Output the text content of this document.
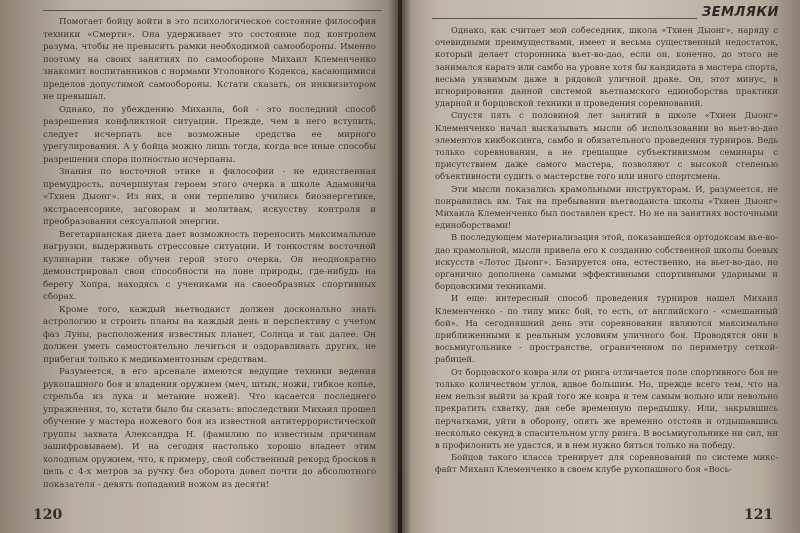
Помогает бойцу войти в это психологическое состояние философия техники «Смерти». Она удерживает это состояние под контролем разума, чтобы не превысить рамки необходимой самообороны. Именно поэтому на своих занятиях по самообороне Михаил Клеменченко знакомит воспитанников с нормами Уголовного Кодекса, касающимися пределов допустимой самообороны. Кстати сказать, он инквизитором не превышал.

Однако, по убеждению Михаила, бой - это последний способ разрешения конфликтной ситуации. Прежде, чем в него вступить, следует исчерпать все возможные средства ее мирного урегулирования. А у бойца можно лишь тогда, когда все иные способы разрешения спора полностью исчерпаны.

Знания по восточной этике и философии - не единственная премудрость, почерпнутая героем этого очерка в школе Адамовича «Тхиен Дыонг». Из них, и они терпеливо учились биоэнергетике, экстрасенсорике, заговорам и молитвам, искусству контроля и преобразования сексуальной энергии.

Вегетарианская диета дает возможность переносить максимальные нагрузки, выдерживать стрессовые ситуации. И тонкостям восточной кулинарии также обучен герой этого очерка. Он неоднократно демонстрировал свои способности на лоне природы, где-нибудь на берегу Хопра, находясь с учениками на своеобразных спортивных сборах.

Кроме того, каждый вьетводаист должен досконально знать астрологию и строить планы на каждый день и перспективу с учетом фаз Луны, расположения известных планет, Солнца и так далее. Он должен уметь самостоятельно лечиться и оздоравливать других, не прибегая только к медикаментозным средствам.

Разумеется, в его арсенале имеются ведущие техники ведения рукопашного боя и владения оружием (меч, штык, ножи, гибкое копье, стрельба из лука и метание ножей). Что касается последнего упражнения, то, кстати было бы сказать: впоследствии Михаил прошел обучение у мастера ножевого боя из известной антитеррористической группы захвата Александра Н. (фамилию по известным причинам зашифровываем). И на сегодня настолько хорошо владеет этим холодным оружием, что, к примеру, свой собственный рекорд бросков в цель с 4-х метров за ручку без оборота довел почти до абсолютного показателя - девять попаданий ножом из десяти!

120
ЗЕМЛЯКИ

Однако, как считает мой собеседник, школа «Тхиен Дыонг», наряду с очевидными преимуществами, имеет и весьма существенный недостаток, который делает сторонника вьет-во-дао, если он, конечно, до этого не занимался каратэ или самбо на уровне хотя бы кандидата в мастера спорта, весьма уязвимым даже в рядовой уличной драке. Он, этот минус, в игнорировании данной системой вьетнамского единоборства практики ударной и борцовской техники и проведения соревнований.

Спустя пять с половиной лет занятий в школе «Тхиен Дыонг» Клеменченко начал высказывать мысли об использовании во вьет-во-дао элементов кикбоксинга, самбо и обязательного проведения турниров. Ведь только соревнования, а не грешащие субъективизмом семинары с присутствием даже самого мастера, позволяют с высокой степенью объективности судить о мастерстве того или иного спортсмена.

Эти мысли показались крамольными инструкторам. И, разумеется, не понравились им. Так на пребывании вьетводаиста школы «Тхиен Дыонг» Михаила Клеменченко был поставлен крест. Но не на занятиях восточными единоборствами!

В последующем материализация этой, показавшейся ортодоксам вье-во-дао крамольной, мысли привела его к созданию собственной школы боевых искусств «Лотос Дыонг». Базируется она, естественно, на вьет-во-дао, но органично дополнена самыми эффективными спортивными ударными и борцовскими техниками.

И еще: интересный способ проведения турниров нашел Михаил Клеменченко - по типу микс бой, то есть, от английского - «смешанный бой». На сегодняшний день эти соревнования являются максимально приближенными к реальным условиям уличного боя. Проводятся они в восьмиугольнике - пространстве, ограниченном по периметру сеткой-рабицей.

От борцовского ковра или от ринга отличается поле спортивного боя не только количеством углов, вдвое большим. Но, прежде всего тем, что на нем нельзя выйти за край того же ковра и тем самым вольно или невольно прекратить схватку, дав себе временную передышку. Или, закрывшись перчатками, уйти в оборону, опять же временно отстояв и отдышавшись несколько секунд в спасительном углу ринга. В восьмиугольнике ни сил, ни в профилонить не удастся, и в нем нужно биться только на победу.

Бойцов такого класса тренирует для соревнований по системе микс-файт Михаил Клеменченко в своем клубе рукопашного боя «Вось-

121
